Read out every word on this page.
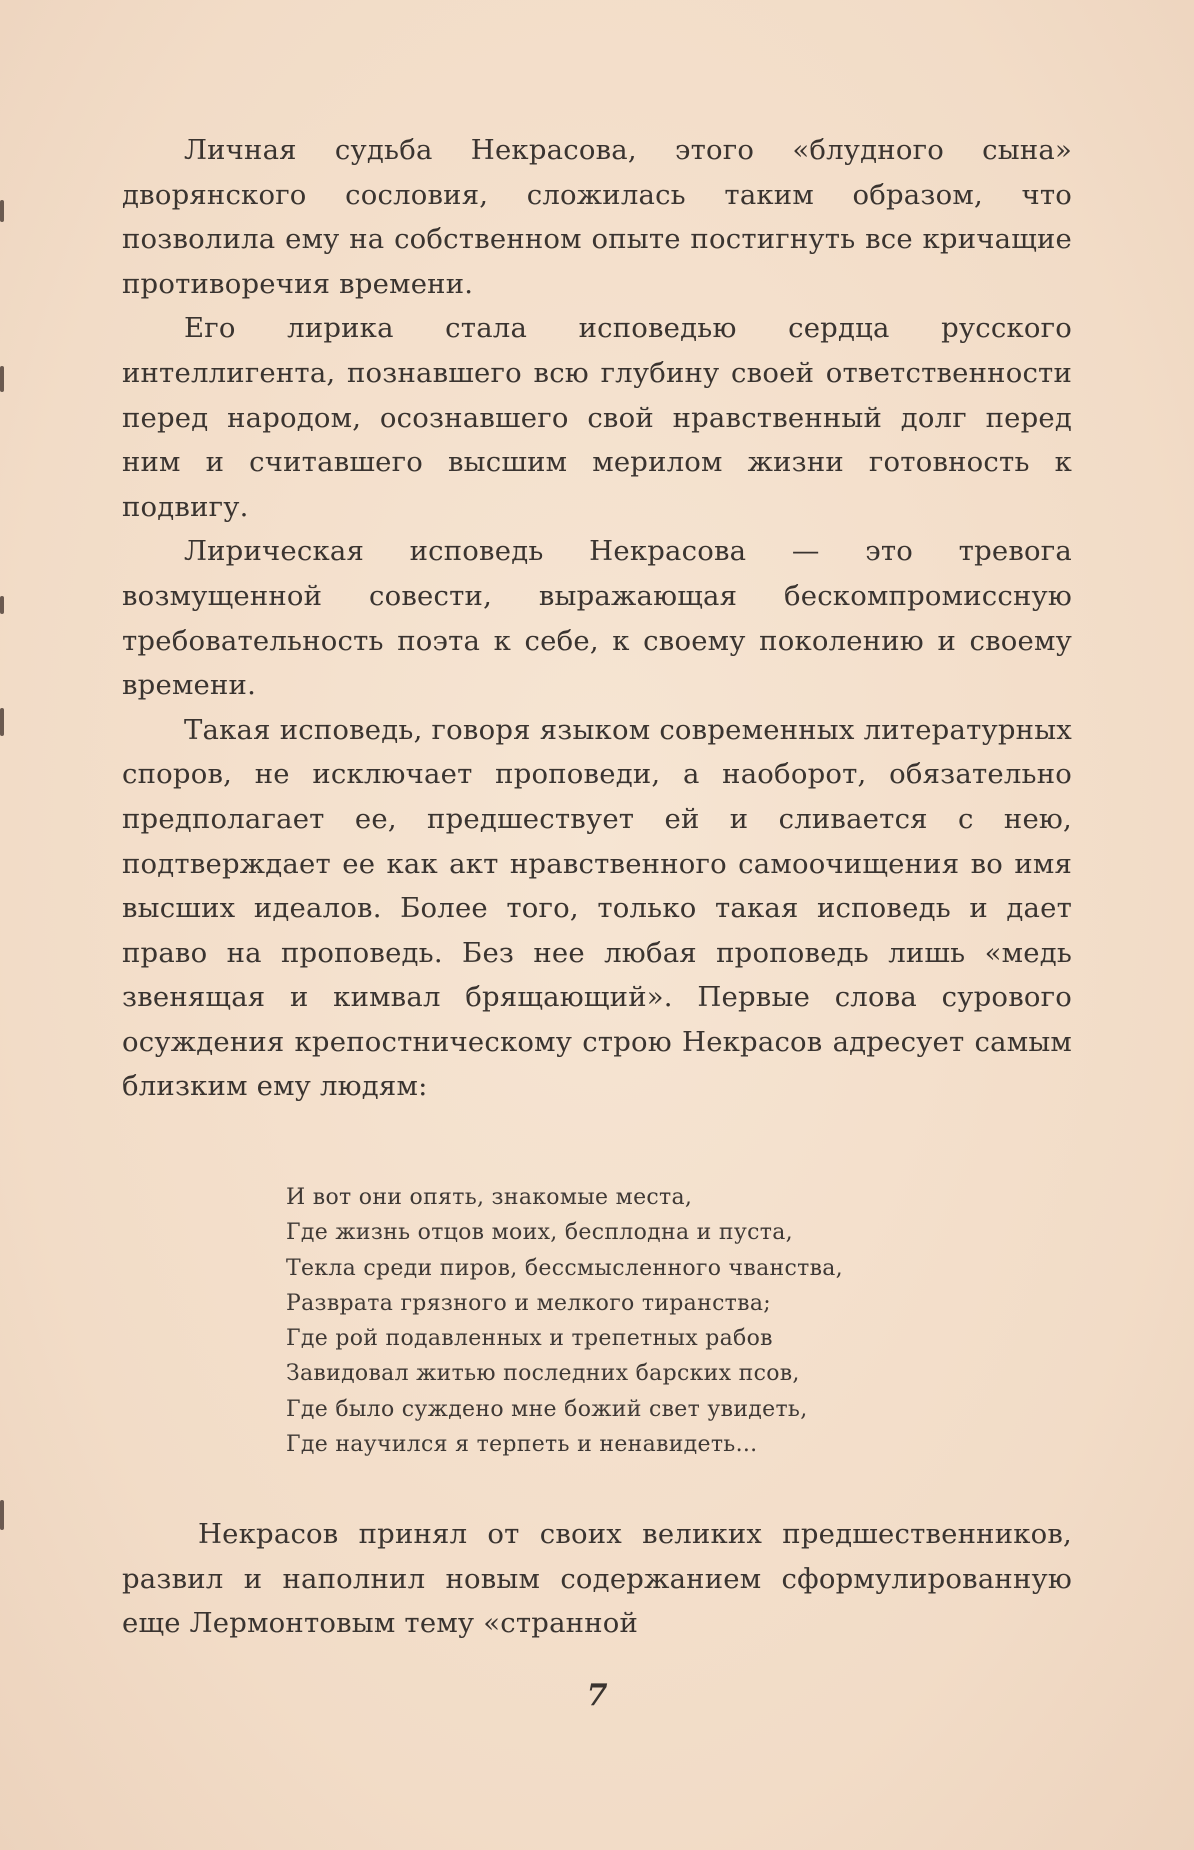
Личная судьба Некрасова, этого «блудного сына» дворянского сословия, сложилась таким образом, что позволила ему на собственном опыте постигнуть все кричащие противоречия времени.

Его лирика стала исповедью сердца русского интеллигента, познавшего всю глубину своей ответственности перед народом, осознавшего свой нравственный долг перед ним и считавшего высшим мерилом жизни готовность к подвигу.

Лирическая исповедь Некрасова — это тревога возмущенной совести, выражающая бескомпромиссную требовательность поэта к себе, к своему поколению и своему времени.

Такая исповедь, говоря языком современных литературных споров, не исключает проповеди, а наоборот, обязательно предполагает ее, предшествует ей и сливается с нею, подтверждает ее как акт нравственного самоочищения во имя высших идеалов. Более того, только такая исповедь и дает право на проповедь. Без нее любая проповедь лишь «медь звенящая и кимвал брящающий». Первые слова сурового осуждения крепостническому строю Некрасов адресует самым близким ему людям:

И вот они опять, знакомые места,
Где жизнь отцов моих, бесплодна и пуста,
Текла среди пиров, бессмысленного чванства,
Разврата грязного и мелкого тиранства;
Где рой подавленных и трепетных рабов
Завидовал житью последних барских псов,
Где было суждено мне божий свет увидеть,
Где научился я терпеть и ненавидеть...

Некрасов принял от своих великих предшественников, развил и наполнил новым содержанием сформулированную еще Лермонтовым тему «странной

7
